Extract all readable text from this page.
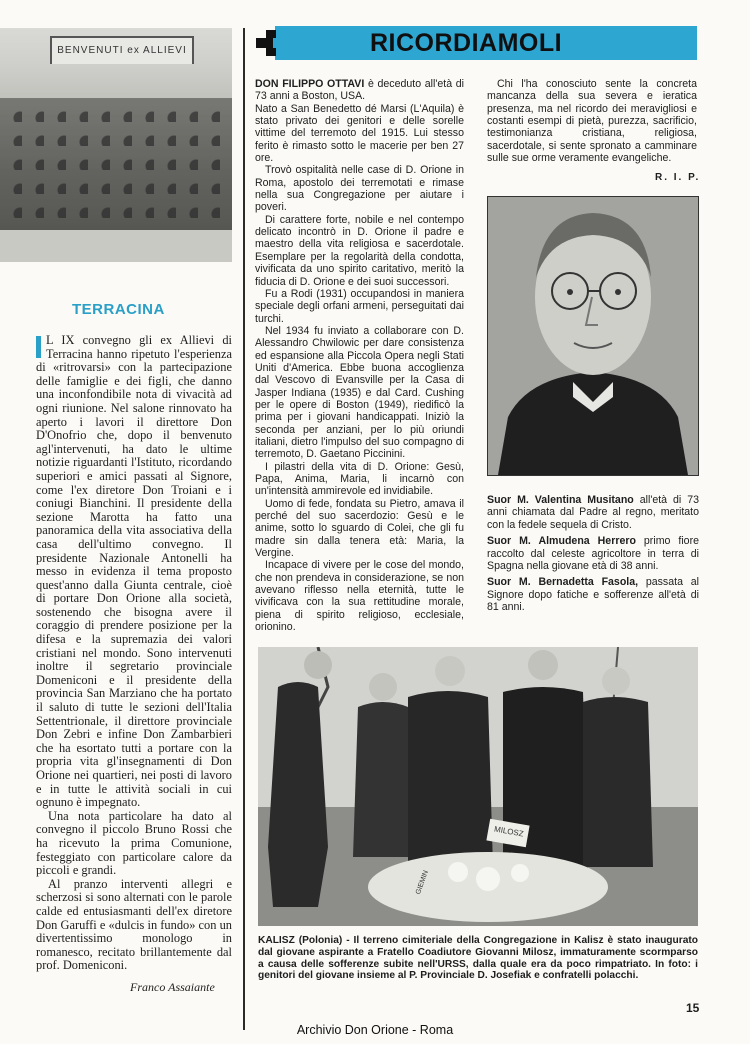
BENVENUTI ex ALLIEVI
TERRACINA

L IX convegno gli ex Allievi di Terracina hanno ripetuto l'esperienza di «ritrovarsi» con la partecipazione delle famiglie e dei figli, che danno una inconfondibile nota di vivacità ad ogni riunione. Nel salone rinnovato ha aperto i lavori il direttore Don D'Onofrio che, dopo il benvenuto agl'intervenuti, ha dato le ultime notizie riguardanti l'Istituto, ricordando superiori e amici passati al Signore, come l'ex diretore Don Troiani e i coniugi Bianchini. Il presidente della sezione Marotta ha fatto una panoramica della vita associativa della casa dell'ultimo convegno. Il presidente Nazionale Antonelli ha messo in evidenza il tema proposto quest'anno dalla Giunta centrale, cioè di portare Don Orione alla società, sostenendo che bisogna avere il coraggio di prendere posizione per la difesa e la supremazia dei valori cristiani nel mondo. Sono intervenuti inoltre il segretario provinciale Domeniconi e il presidente della provincia San Marziano che ha portato il saluto di tutte le sezioni dell'Italia Settentrionale, il direttore provinciale Don Zebri e infine Don Zambarbieri che ha esortato tutti a portare con la propria vita gl'insegnamenti di Don Orione nei quartieri, nei posti di lavoro e in tutte le attività sociali in cui ognuno è impegnato.

Una nota particolare ha dato al convegno il piccolo Bruno Rossi che ha ricevuto la prima Comunione, festeggiato con particolare calore da piccoli e grandi.

Al pranzo interventi allegri e scherzosi si sono alternati con le parole calde ed entusiasmanti dell'ex diretore Don Garuffi e «dulcis in fundo» con un divertentissimo monologo in romanesco, recitato brillantemente dal prof. Domeniconi.

Franco Assaiante
RICORDIAMOLI

DON FILIPPO OTTAVI è deceduto all'età di 73 anni a Boston, USA.

Nato a San Benedetto dé Marsi (L'Aquila) è stato privato dei genitori e delle sorelle vittime del terremoto del 1915. Lui stesso ferito è rimasto sotto le macerie per ben 27 ore.

Trovò ospitalità nelle case di D. Orione in Roma, apostolo dei terremotati e rimase nella sua Congregazione per aiutare i poveri.

Di carattere forte, nobile e nel contempo delicato incontrò in D. Orione il padre e maestro della vita religiosa e sacerdotale. Esemplare per la regolarità della condotta, vivificata da uno spirito caritativo, meritò la fiducia di D. Orione e dei suoi successori.

Fu a Rodi (1931) occupandosi in maniera speciale degli orfani armeni, perseguitati dai turchi.

Nel 1934 fu inviato a collaborare con D. Alessandro Chwilowic per dare consistenza ed espansione alla Piccola Opera negli Stati Uniti d'America. Ebbe buona accoglienza dal Vescovo di Evansville per la Casa di Jasper Indiana (1935) e dal Card. Cushing per le opere di Boston (1949), riedificò la prima per i giovani handicappati. Iniziò la seconda per anziani, per lo più oriundi italiani, dietro l'impulso del suo compagno di terremoto, D. Gaetano Piccinini.

I pilastri della vita di D. Orione: Gesù, Papa, Anima, Maria, li incarnò con un'intensità ammirevole ed invidiabile.

Uomo di fede, fondata su Pietro, amava il perché del suo sacerdozio: Gesù e le anime, sotto lo sguardo di Colei, che gli fu madre sin dalla tenera età: Maria, la Vergine.

Incapace di vivere per le cose del mondo, che non prendeva in considerazione, se non avevano riflesso nella eternità, tutte le vivificava con la sua rettitudine morale, piena di spirito religioso, ecclesiale, orionino.

Chi l'ha conosciuto sente la concreta mancanza della sua severa e ieratica presenza, ma nel ricordo dei meravigliosi e costanti esempi di pietà, purezza, sacrificio, testimonianza cristiana, religiosa, sacerdotale, si sente spronato a camminare sulle sue orme veramente evangeliche.

R. I. P.

Suor M. Valentina Musitano all'età di 73 anni chiamata dal Padre al regno, meritato con la fedele sequela di Cristo.

Suor M. Almudena Herrero primo fiore raccolto dal celeste agricoltore in terra di Spagna nella giovane età di 38 anni.

Suor M. Bernadetta Fasola, passata al Signore dopo fatiche e sofferenze all'età di 81 anni.

MILOSZ
GIEMIN
KALISZ (Polonia) - Il terreno cimiteriale della Congregazione in Kalisz è stato inaugurato dal giovane aspirante a Fratello Coadiutore Giovanni Milosz, immaturamente scormparso a causa delle sofferenze subite nell'URSS, dalla quale era da poco rimpatriato. In foto: i genitori del giovane insieme al P. Provinciale D. Josefiak e confratelli polacchi.
15
Archivio Don Orione - Roma
